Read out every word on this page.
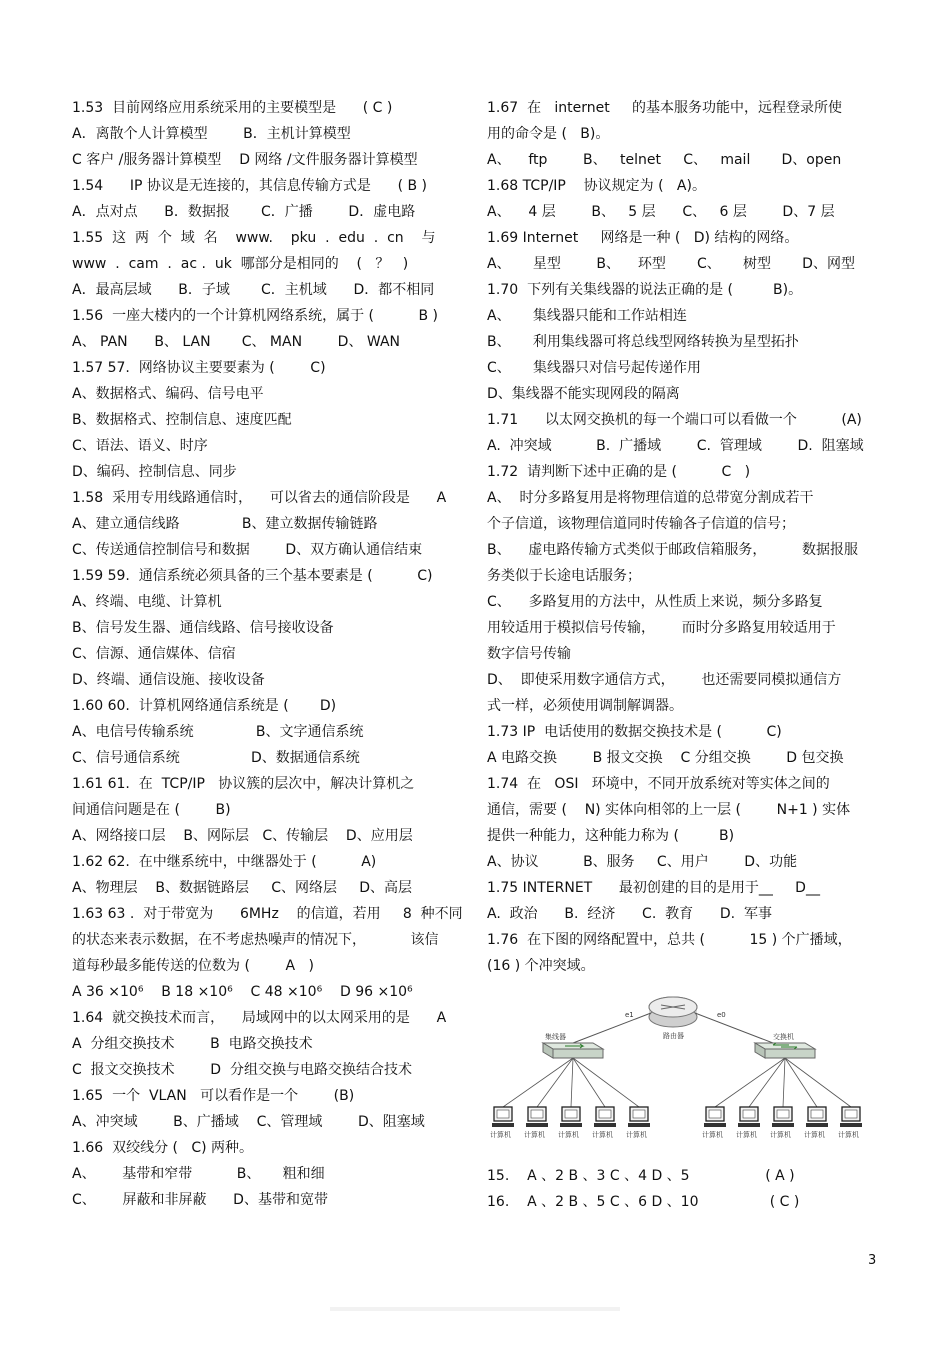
1.53  目前网络应用系统采用的主要模型是      ( C )
A．离散个人计算模型        B．主机计算模型
C 客户 /服务器计算模型    D 网络 /文件服务器计算模型
1.54      IP 协议是无连接的，其信息传输方式是      ( B )
A．点对点      B．数据报       C．广播        D．虚电路
1.55  这  两  个  域  名    www.    pku  .  edu  .  cn    与
www  .  cam  .  ac .  uk  哪部分是相同的    (   ？   )
A．最高层域      B．子域       C．主机域      D．都不相同
1.56  一座大楼内的一个计算机网络系统，属于 (          B )
A、 PAN      B、 LAN       C、 MAN        D、 WAN
1.57 57.  网络协议主要要素为 (        C)
A、数据格式、编码、信号电平
B、数据格式、控制信息、速度匹配
C、语法、语义、时序
D、编码、控制信息、同步
1.58  采用专用线路通信时，    可以省去的通信阶段是      A
A、建立通信线路              B、建立数据传输链路
C、传送通信控制信号和数据        D、双方确认通信结束
1.59 59.  通信系统必须具备的三个基本要素是 (          C)
A、终端、电缆、计算机
B、信号发生器、通信线路、信号接收设备
C、信源、通信媒体、信宿
D、终端、通信设施、接收设备
1.60 60.  计算机网络通信系统是 (       D)
A、电信号传输系统              B、文字通信系统
C、信号通信系统                D、数据通信系统
1.61 61.  在  TCP/IP   协议簇的层次中，解决计算机之
间通信问题是在 (        B)
A、网络接口层    B、网际层   C、传输层    D、应用层
1.62 62.  在中继系统中，中继器处于 (          A)
A、物理层    B、数据链路层     C、网络层     D、高层
1.63 63 .  对于带宽为      6MHz    的信道，若用     8  种不同
的状态来表示数据，在不考虑热噪声的情况下，          该信
道每秒最多能传送的位数为 (        A   )
A 36 ×10⁶    B 18 ×10⁶    C 48 ×10⁶    D 96 ×10⁶
1.64  就交换技术而言，    局域网中的以太网采用的是      A
A  分组交换技术        B  电路交换技术
C  报文交换技术        D  分组交换与电路交换结合技术
1.65  一个  VLAN   可以看作是一个        (B)
A、冲突域        B、广播域    C、管理域        D、阻塞域
1.66  双绞线分 (   C) 两种。
A、      基带和窄带          B、     粗和细
C、      屏蔽和非屏蔽      D、基带和宽带
1.67  在   internet     的基本服务功能中，远程登录所使
用的命令是 (   B)。
A、    ftp        B、   telnet     C、   mail       D、open
1.68 TCP/IP    协议规定为 (   A)。
A、    4 层        B、   5 层      C、   6 层        D、7 层
1.69 Internet     网络是一种 (   D) 结构的网络。
A、     星型        B、    环型       C、     树型       D、网型
1.70  下列有关集线器的说法正确的是 (         B)。
A、     集线器只能和工作站相连
B、     利用集线器可将总线型网络转换为星型拓扑
C、     集线器只对信号起传递作用
D、集线器不能实现网段的隔离
1.71      以太网交换机的每一个端口可以看做一个          (A)
A.  冲突域          B.  广播域        C.  管理域        D.  阻塞域
1.72  请判断下述中正确的是 (          C   )
A、  时分多路复用是将物理信道的总带宽分割成若干
个子信道，该物理信道同时传输各子信道的信号；
B、    虚电路传输方式类似于邮政信箱服务，        数据报服
务类似于长途电话服务；
C、    多路复用的方法中，从性质上来说，频分多路复
用较适用于模拟信号传输，      而时分多路复用较适用于
数字信号传输
D、  即使采用数字通信方式，      也还需要同模拟通信方
式一样，必须使用调制解调器。
1.73 IP  电话使用的数据交换技术是 (          C)
A 电路交换        B 报文交换    C 分组交换        D 包交换
1.74  在   OSI   环境中，不同开放系统对等实体之间的
通信，需要 (    N) 实体向相邻的上一层 (        N+1 ) 实体
提供一种能力，这种能力称为 (         B)
A、协议          B、服务     C、用户        D、功能
1.75 INTERNET      最初创建的目的是用于__     D__
A.  政治      B.  经济      C.  教育      D.  军事
1.76  在下图的网络配置中，总共 (          15 ) 个广播域，
(16 ) 个冲突域。
路由器
e1	e0
集线器	交换机
计算机 计算机 计算机 计算机 计算机	计算机 计算机 计算机 计算机 计算机
3
15.    A 、2 B 、3 C 、4 D 、5                 ( A )
16.    A 、2 B 、5 C 、6 D 、10                ( C )
